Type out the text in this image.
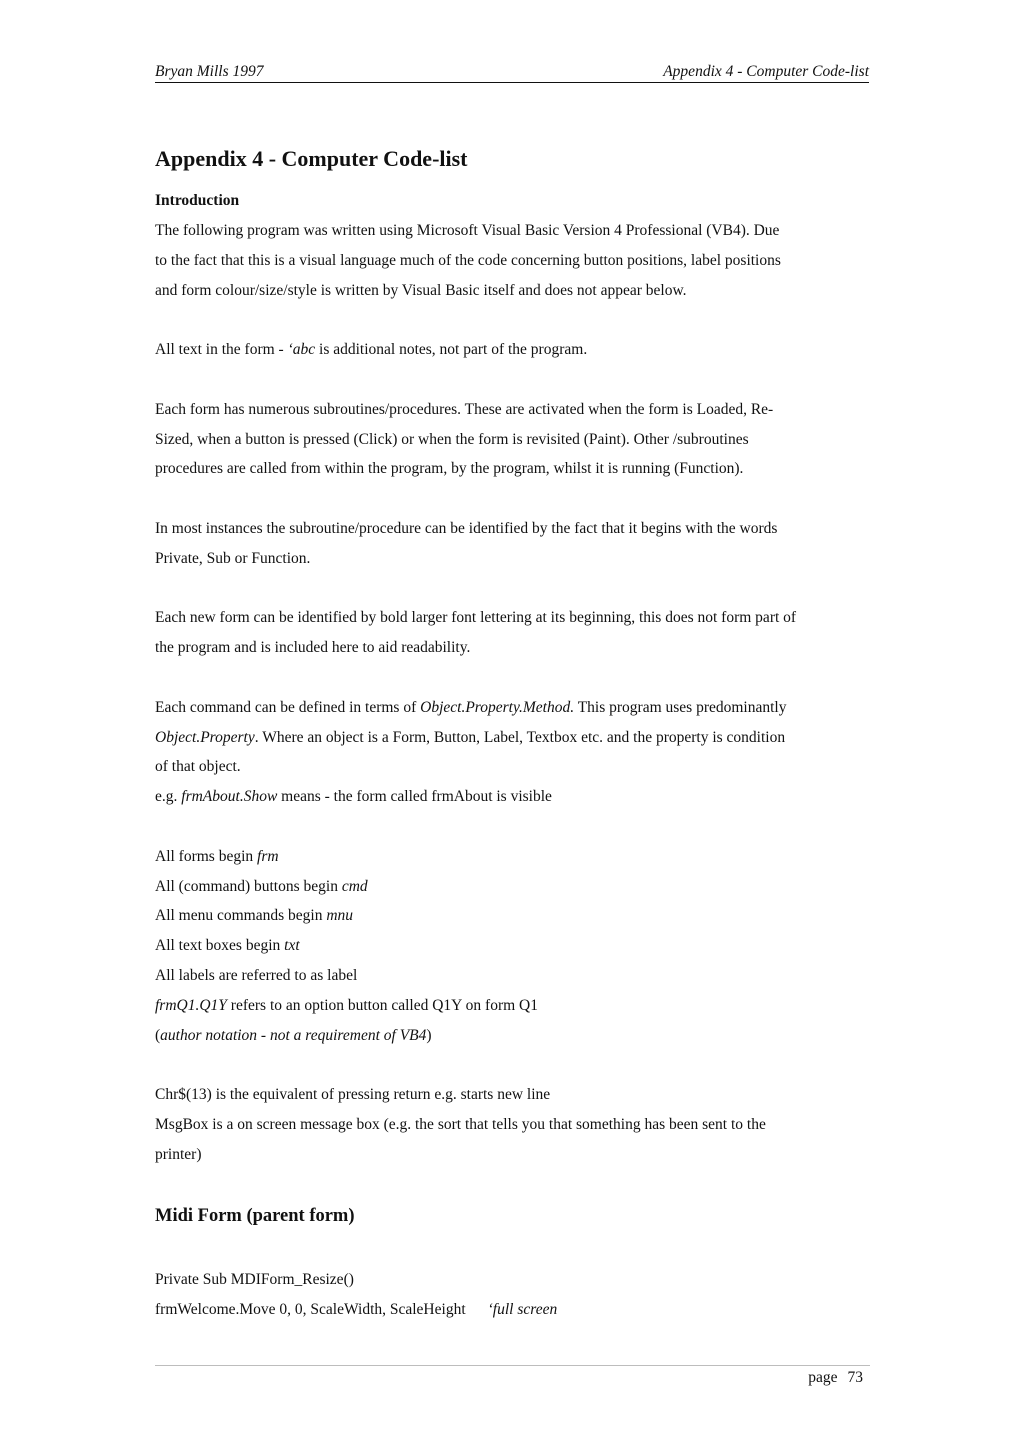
Bryan Mills 1997	Appendix 4 - Computer Code-list
Appendix 4 - Computer Code-list
Introduction

The following program was written using Microsoft Visual Basic Version 4 Professional (VB4). Due

to the fact that this is a visual language much of the code concerning button positions, label positions

and form colour/size/style is written by Visual Basic itself and does not appear below.

All text in the form - ‘abc is additional notes, not part of the program.

Each form has numerous subroutines/procedures. These are activated when the form is Loaded, Re-

Sized, when a button is pressed (Click) or when the form is revisited (Paint). Other /subroutines

procedures are called from within the program, by the program, whilst it is running (Function).

In most instances the subroutine/procedure can be identified by the fact that it begins with the words

Private, Sub or Function.

Each new form can be identified by bold larger font lettering at its beginning, this does not form part of

the program and is included here to aid readability.

Each command can be defined in terms of Object.Property.Method. This program uses predominantly

Object.Property. Where an object is a Form, Button, Label, Textbox etc. and the property is condition

of that object.

e.g. frmAbout.Show means - the form called frmAbout is visible

All forms begin frm

All (command) buttons begin cmd

All menu commands begin mnu

All text boxes begin txt

All labels are referred to as label

frmQ1.Q1Y refers to an option button called Q1Y on form Q1

(author notation - not a requirement of VB4)

Chr$(13) is the equivalent of pressing return e.g. starts new line

MsgBox is a on screen message box (e.g. the sort that tells you that something has been sent to the

printer)

Midi Form (parent form)

Private Sub MDIForm_Resize()

frmWelcome.Move 0, 0, ScaleWidth, ScaleHeight ‘full screen

page 73
